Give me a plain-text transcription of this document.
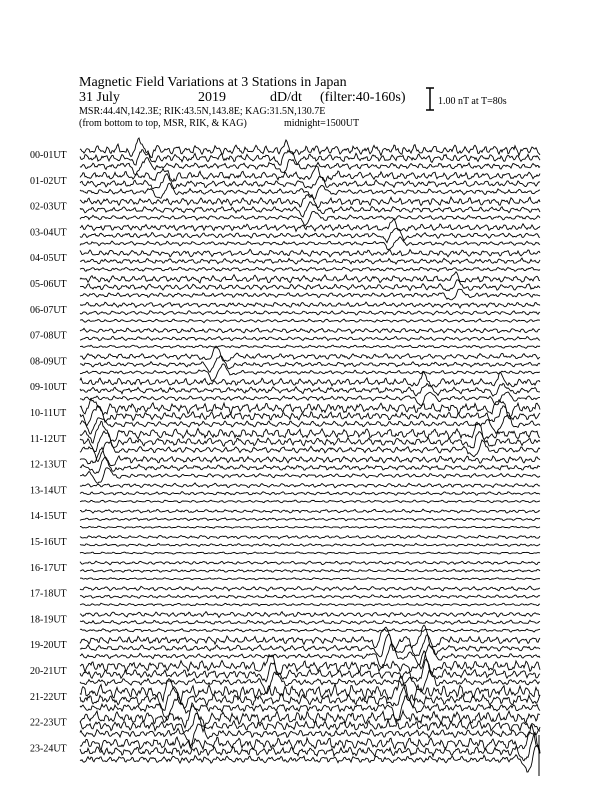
Magnetic Field Variations at 3 Stations in Japan
31 July	2019	dD/dt (filter:40-160s)
MSR:44.4N,142.3E; RIK:43.5N,143.8E; KAG:31.5N,130.7E
(from bottom to top, MSR, RIK, & KAG)	midnight=1500UT
1.00 nT at T=80s
00-01UT
01-02UT
02-03UT
03-04UT
04-05UT
05-06UT
06-07UT
07-08UT
08-09UT
09-10UT
10-11UT
11-12UT
12-13UT
13-14UT
14-15UT
15-16UT
16-17UT
17-18UT
18-19UT
19-20UT
20-21UT
21-22UT
22-23UT
23-24UT
